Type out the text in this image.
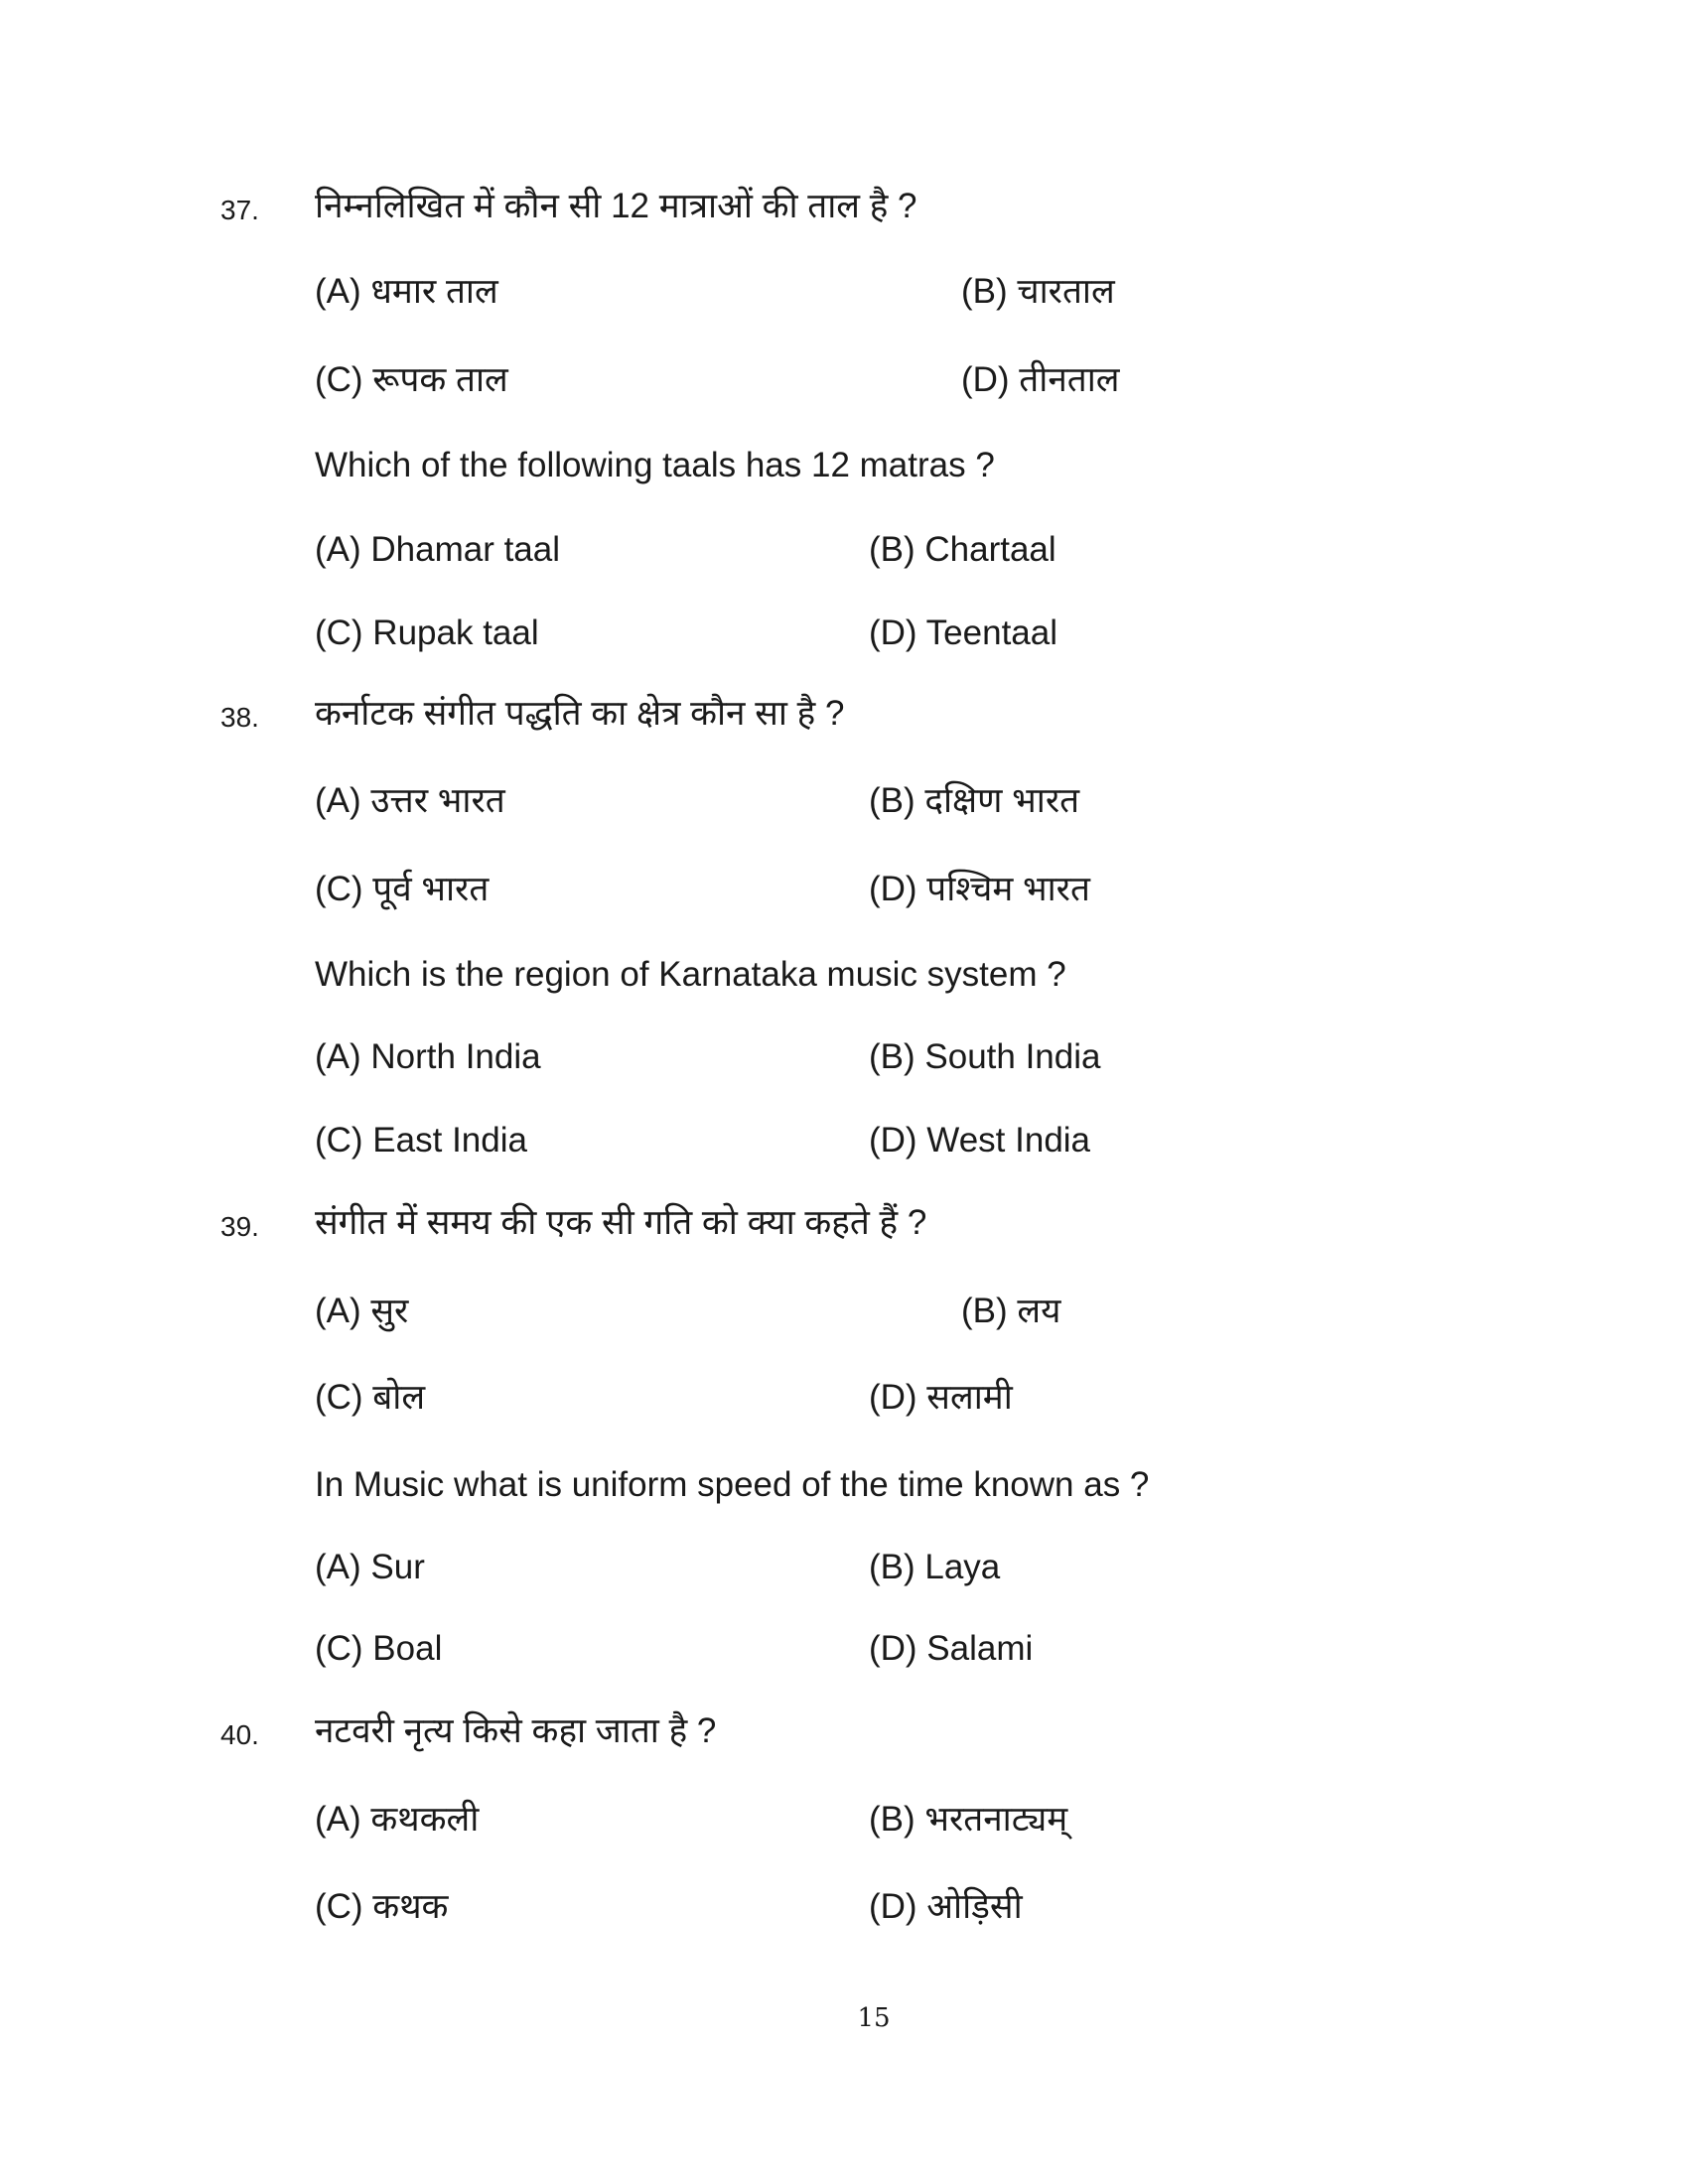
37. निम्नलिखित में कौन सी 12 मात्राओं की ताल है ?
(A) धमार ताल	(B) चारताल
(C) रूपक ताल	(D) तीनताल
Which of the following taals has 12 matras ?
(A) Dhamar taal	(B) Chartaal
(C) Rupak taal	(D) Teentaal
38. कर्नाटक संगीत पद्धति का क्षेत्र कौन सा है ?
(A) उत्तर भारत	(B) दक्षिण भारत
(C) पूर्व भारत	(D) पश्चिम भारत
Which is the region of Karnataka music system ?
(A) North India	(B) South India
(C) East India	(D) West India
39. संगीत में समय की एक सी गति को क्या कहते हैं ?
(A) सुर	(B) लय
(C) बोल	(D) सलामी
In Music what is uniform speed of the time known as ?
(A) Sur	(B) Laya
(C) Boal	(D) Salami
40. नटवरी नृत्य किसे कहा जाता है ?
(A) कथकली	(B) भरतनाट्यम्
(C) कथक	(D) ओड़िसी
15
